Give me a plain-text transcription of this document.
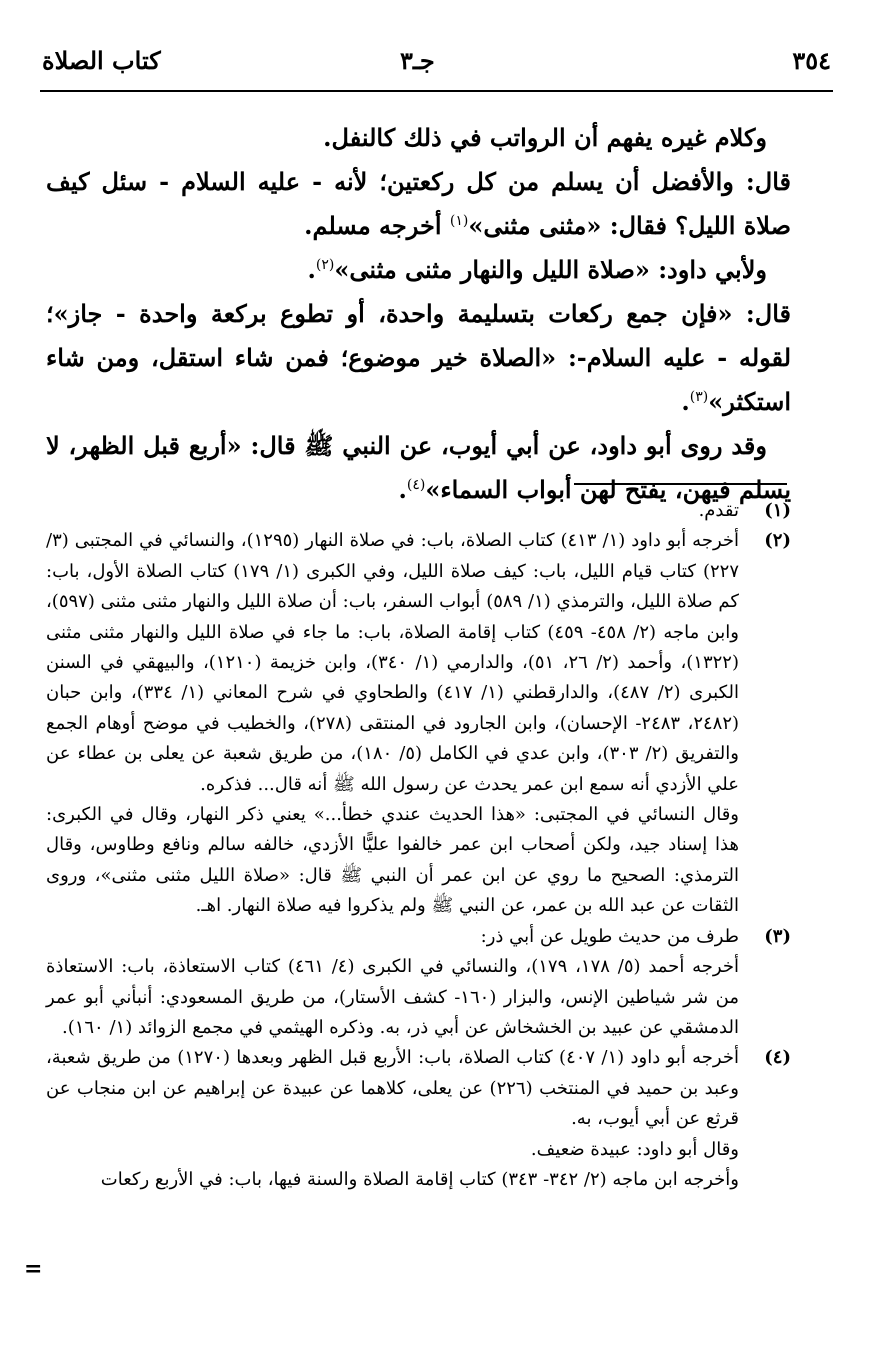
٣٥٤
جـ٣
كتاب الصلاة

وكلام غيره يفهم أن الرواتب في ذلك كالنفل.

قال: والأفضل أن يسلم من كل ركعتين؛ لأنه - عليه السلام - سئل كيف صلاة الليل؟ فقال: «مثنى مثنى»$^{(١)}$ أخرجه مسلم.

ولأبي داود: «صلاة الليل والنهار مثنى مثنى»$^{(٢)}$.

قال: «فإن جمع ركعات بتسليمة واحدة، أو تطوع بركعة واحدة - جاز»؛ لقوله - عليه السلام-: «الصلاة خير موضوع؛ فمن شاء استقل، ومن شاء استكثر»$^{(٣)}$.

وقد روى أبو داود، عن أبي أيوب، عن النبي ﷺ قال: «أربع قبل الظهر، لا يسلم فيهن، يفتح لهن أبواب السماء»$^{(٤)}$.

(١)

تقدم.

(٢)

أخرجه أبو داود (١/ ٤١٣) كتاب الصلاة، باب: في صلاة النهار (١٢٩٥)، والنسائي في المجتبى (٣/ ٢٢٧) كتاب قيام الليل، باب: كيف صلاة الليل، وفي الكبرى (١/ ١٧٩) كتاب الصلاة الأول، باب: كم صلاة الليل، والترمذي (١/ ٥٨٩) أبواب السفر، باب: أن صلاة الليل والنهار مثنى مثنى (٥٩٧)، وابن ماجه (٢/ ٤٥٨- ٤٥٩) كتاب إقامة الصلاة، باب: ما جاء في صلاة الليل والنهار مثنى مثنى (١٣٢٢)، وأحمد (٢/ ٢٦، ٥١)، والدارمي (١/ ٣٤٠)، وابن خزيمة (١٢١٠)، والبيهقي في السنن الكبرى (٢/ ٤٨٧)، والدارقطني (١/ ٤١٧) والطحاوي في شرح المعاني (١/ ٣٣٤)، وابن حبان (٢٤٨٢، ٢٤٨٣- الإحسان)، وابن الجارود في المنتقى (٢٧٨)، والخطيب في موضح أوهام الجمع والتفريق (٢/ ٣٠٣)، وابن عدي في الكامل (٥/ ١٨٠)، من طريق شعبة عن يعلى بن عطاء عن علي الأزدي أنه سمع ابن عمر يحدث عن رسول الله ﷺ أنه قال... فذكره.

وقال النسائي في المجتبى: «هذا الحديث عندي خطأ...» يعني ذكر النهار، وقال في الكبرى: هذا إسناد جيد، ولكن أصحاب ابن عمر خالفوا عليًّا الأزدي، خالفه سالم ونافع وطاوس، وقال الترمذي: الصحيح ما روي عن ابن عمر أن النبي ﷺ قال: «صلاة الليل مثنى مثنى»، وروى الثقات عن عبد الله بن عمر، عن النبي ﷺ ولم يذكروا فيه صلاة النهار. اهـ.

(٣)

طرف من حديث طويل عن أبي ذر:

أخرجه أحمد (٥/ ١٧٨، ١٧٩)، والنسائي في الكبرى (٤/ ٤٦١) كتاب الاستعاذة، باب: الاستعاذة من شر شياطين الإنس، والبزار (١٦٠- كشف الأستار)، من طريق المسعودي: أنبأني أبو عمر الدمشقي عن عبيد بن الخشخاش عن أبي ذر، به. وذكره الهيثمي في مجمع الزوائد (١/ ١٦٠).

(٤)

أخرجه أبو داود (١/ ٤٠٧) كتاب الصلاة، باب: الأربع قبل الظهر وبعدها (١٢٧٠) من طريق شعبة، وعبد بن حميد في المنتخب (٢٢٦) عن يعلى، كلاهما عن عبيدة عن إبراهيم عن ابن منجاب عن قرثع عن أبي أيوب، به.

وقال أبو داود: عبيدة ضعيف.

وأخرجه ابن ماجه (٢/ ٣٤٢- ٣٤٣) كتاب إقامة الصلاة والسنة فيها، باب: في الأربع ركعات

=
